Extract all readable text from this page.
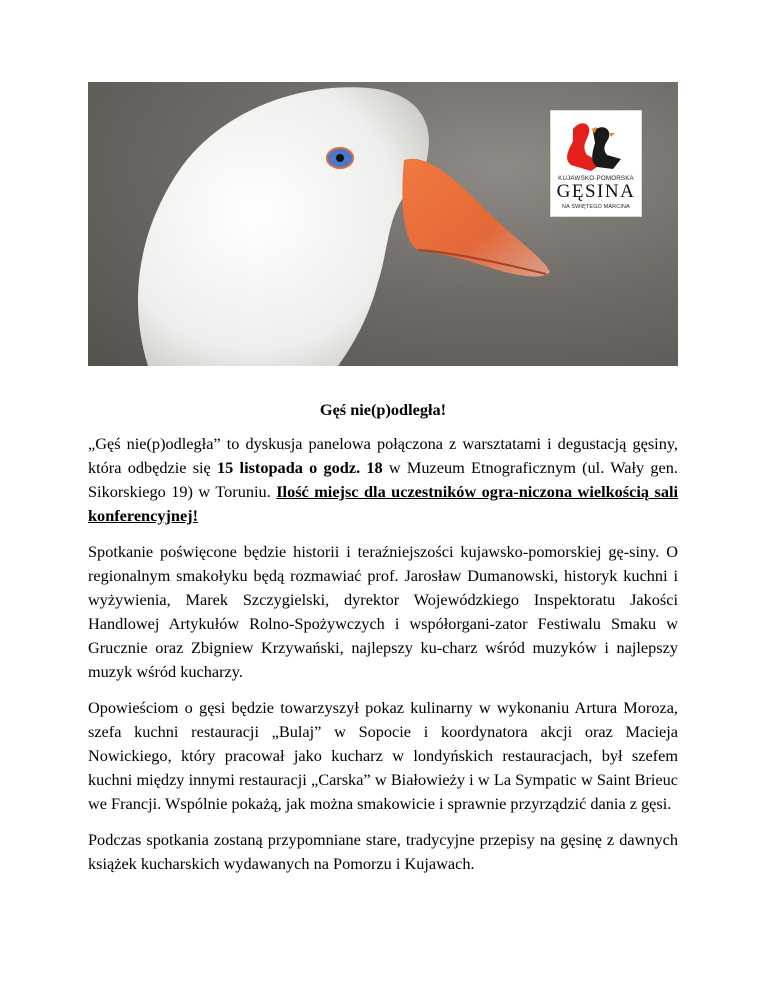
KUJAWSKO-POMORSKA
GĘSINA
NA ŚWIĘTEGO MARCINA
Gęś nie(p)odległa!
„Gęś nie(p)odległa” to dyskusja panelowa połączona z warsztatami i degustacją gęsiny, która odbędzie się 15 listopada o godz. 18 w Muzeum Etnograficznym (ul. Wały gen. Sikorskiego 19) w Toruniu. Ilość miejsc dla uczestników ogra-niczona wielkością sali konferencyjnej!
Spotkanie poświęcone będzie historii i teraźniejszości kujawsko-pomorskiej gę-siny. O regionalnym smakołyku będą rozmawiać prof. Jarosław Dumanowski, historyk kuchni i wyżywienia, Marek Szczygielski, dyrektor Wojewódzkiego Inspektoratu Jakości Handlowej Artykułów Rolno-Spożywczych i współorgani-zator Festiwalu Smaku w Grucznie oraz Zbigniew Krzywański, najlepszy ku-charz wśród muzyków i najlepszy muzyk wśród kucharzy.
Opowieściom o gęsi będzie towarzyszył pokaz kulinarny w wykonaniu Artura Moroza, szefa kuchni restauracji „Bulaj” w Sopocie i koordynatora akcji oraz Macieja Nowickiego, który pracował jako kucharz w londyńskich restauracjach, był szefem kuchni między innymi restauracji „Carska” w Białowieży i w La Sympatic w Saint Brieuc we Francji. Wspólnie pokażą, jak można smakowicie i sprawnie przyrządzić dania z gęsi.
Podczas spotkania zostaną przypomniane stare, tradycyjne przepisy na gęsinę z dawnych książek kucharskich wydawanych na Pomorzu i Kujawach.
